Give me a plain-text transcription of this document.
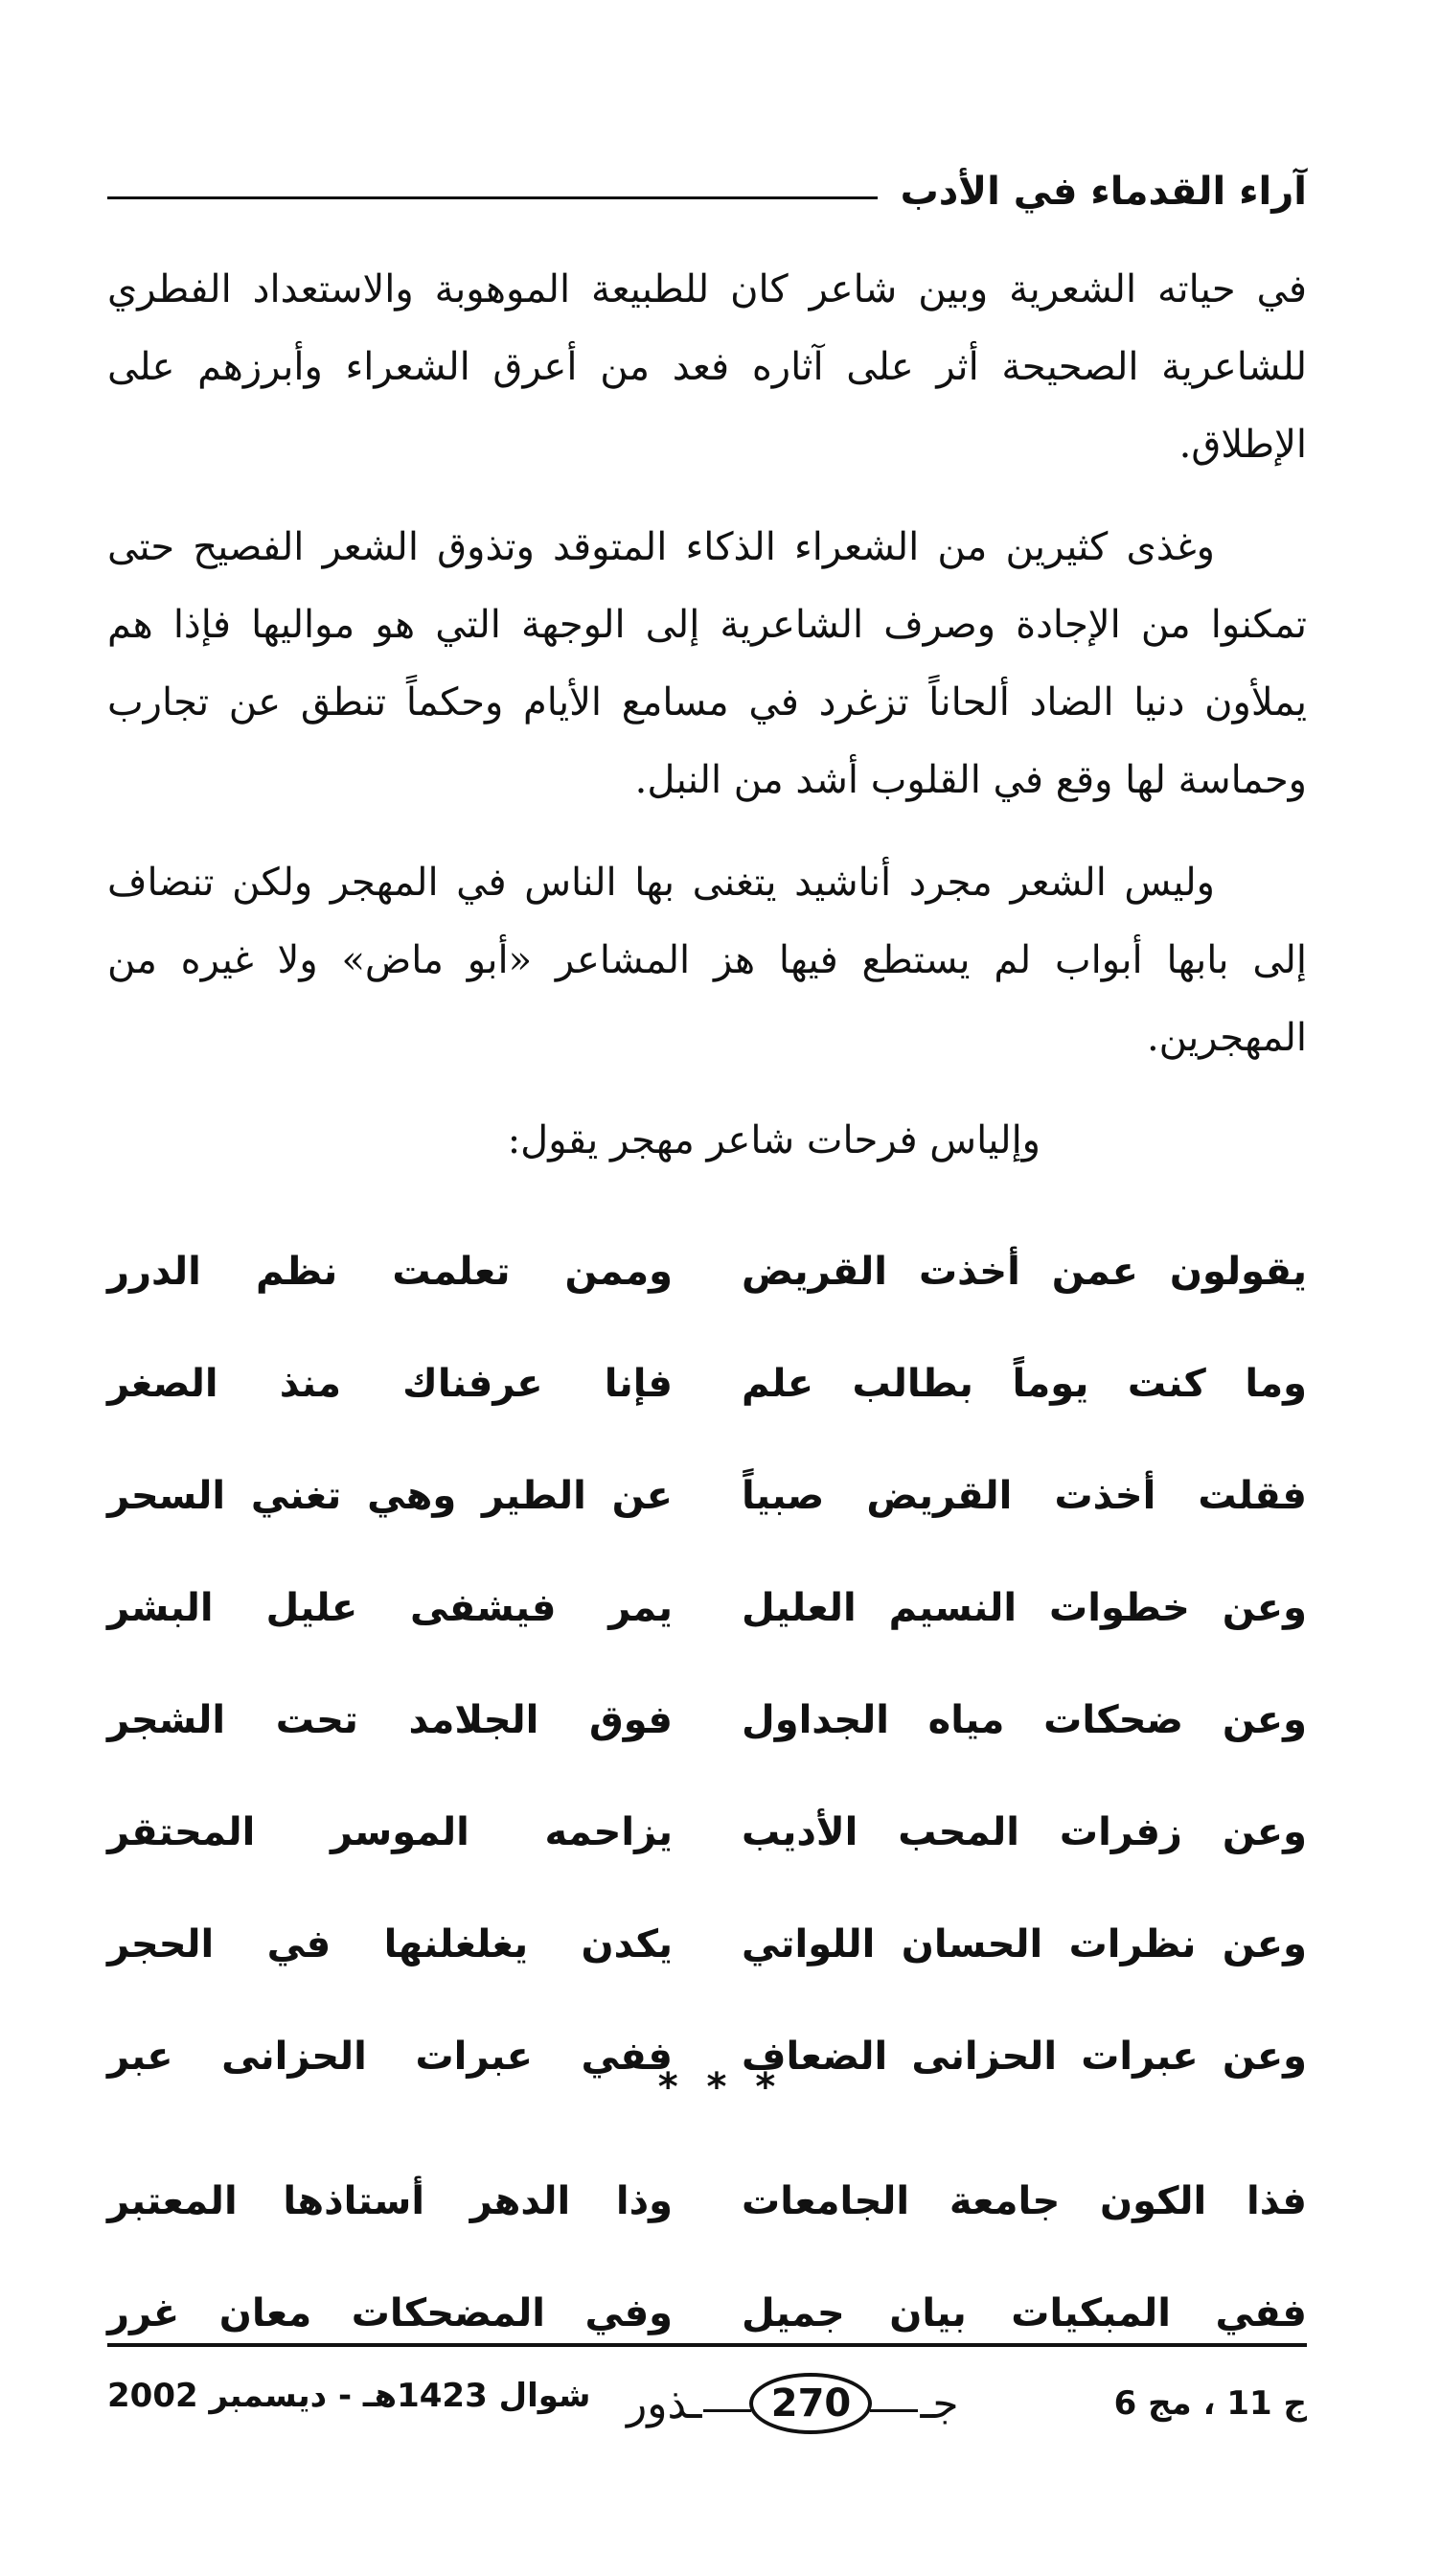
آراء القدماء في الأدب

في حياته الشعرية وبين شاعر كان للطبيعة الموهوبة والاستعداد الفطري للشاعرية الصحيحة أثر على آثاره فعد من أعرق الشعراء وأبرزهم على الإطلاق.

وغذى كثيرين من الشعراء الذكاء المتوقد وتذوق الشعر الفصيح حتى تمكنوا من الإجادة وصرف الشاعرية إلى الوجهة التي هو مواليها فإذا هم يملأون دنيا الضاد ألحاناً تزغرد في مسامع الأيام وحكماً تنطق عن تجارب وحماسة لها وقع في القلوب أشد من النبل.

وليس الشعر مجرد أناشيد يتغنى بها الناس في المهجر ولكن تنضاف إلى بابها أبواب لم يستطع فيها هز المشاعر «أبو ماض» ولا غيره من المهجرين.

وإلياس فرحات شاعر مهجر يقول:

يقولون عمن أخذت القريض
وممن تعلمت نظم الدرر
وما كنت يوماً بطالب علم
فإنا عرفناك منذ الصغر
فقلت أخذت القريض صبياً
عن الطير وهي تغني السحر
وعن خطوات النسيم العليل
يمر فيشفى عليل البشر
وعن ضحكات مياه الجداول
فوق الجلامد تحت الشجر
وعن زفرات المحب الأديب
يزاحمه الموسر المحتقر
وعن نظرات الحسان اللواتي
يكدن يغلغلنها في الحجر
وعن عبرات الحزانى الضعاف
ففي عبرات الحزانى عبر
* * *
فذا الكون جامعة الجامعات
وذا الدهر أستاذها المعتبر
ففي المبكيات بيان جميل
وفي المضحكات معان غرر
ج 11 ، مج 6
جـ
270
ـذور
شوال 1423هـ - ديسمبر 2002
